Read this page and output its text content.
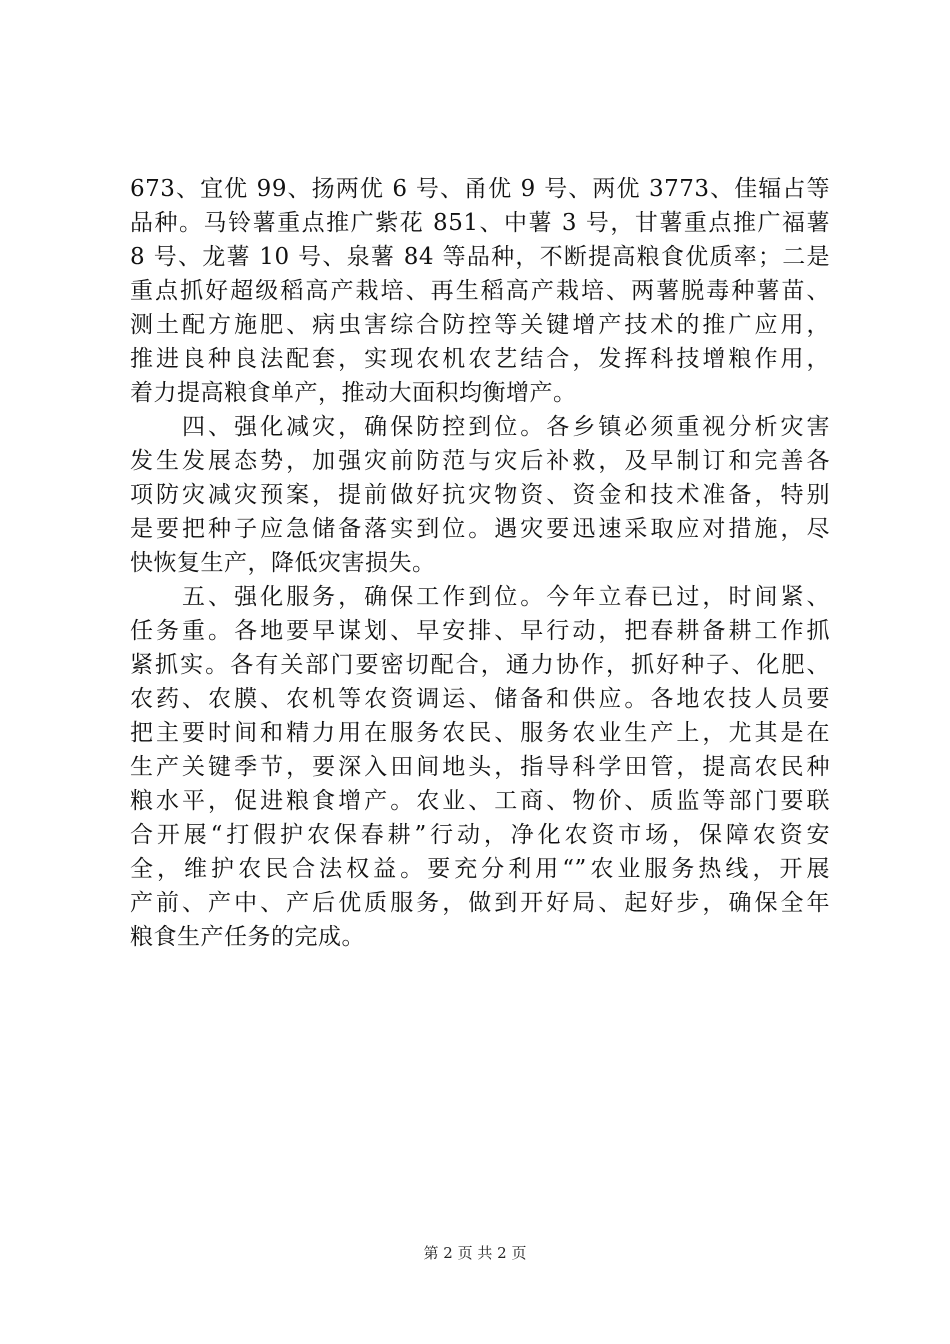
673、宜优 99、扬两优 6 号、甬优 9 号、两优 3773、佳辐占等
品种。马铃薯重点推广紫花 851、中薯 3 号，甘薯重点推广福薯
8 号、龙薯 10 号、泉薯 84 等品种，不断提高粮食优质率；二是
重点抓好超级稻高产栽培、再生稻高产栽培、两薯脱毒种薯苗、
测土配方施肥、病虫害综合防控等关键增产技术的推广应用，
推进良种良法配套，实现农机农艺结合，发挥科技增粮作用，
着力提高粮食单产，推动大面积均衡增产。
　　四、强化减灾，确保防控到位。各乡镇必须重视分析灾害
发生发展态势，加强灾前防范与灾后补救，及早制订和完善各
项防灾减灾预案，提前做好抗灾物资、资金和技术准备，特别
是要把种子应急储备落实到位。遇灾要迅速采取应对措施，尽
快恢复生产，降低灾害损失。
　　五、强化服务，确保工作到位。今年立春已过，时间紧、
任务重。各地要早谋划、早安排、早行动，把春耕备耕工作抓
紧抓实。各有关部门要密切配合，通力协作，抓好种子、化肥、
农药、农膜、农机等农资调运、储备和供应。各地农技人员要
把主要时间和精力用在服务农民、服务农业生产上，尤其是在
生产关键季节，要深入田间地头，指导科学田管，提高农民种
粮水平，促进粮食增产。农业、工商、物价、质监等部门要联
合开展“打假护农保春耕”行动，净化农资市场，保障农资安
全，维护农民合法权益。要充分利用“”农业服务热线，开展
产前、产中、产后优质服务，做到开好局、起好步，确保全年
粮食生产任务的完成。
第 2 页 共 2 页
